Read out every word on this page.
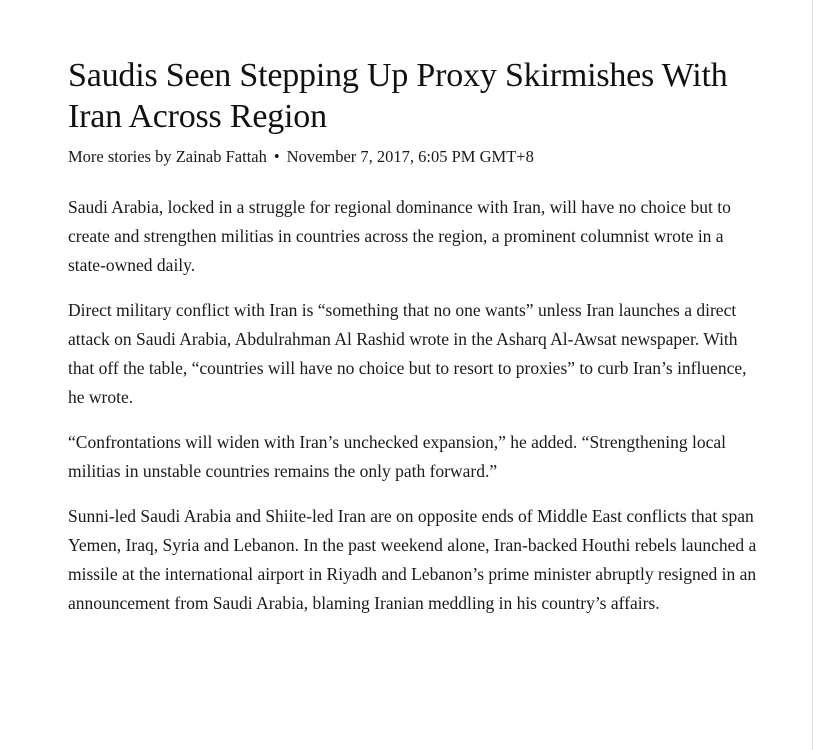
Saudis Seen Stepping Up Proxy Skirmishes With Iran Across Region
More stories by Zainab Fattah • November 7, 2017, 6:05 PM GMT+8

Saudi Arabia, locked in a struggle for regional dominance with Iran, will have no choice but to create and strengthen militias in countries across the region, a prominent columnist wrote in a state-owned daily.

Direct military conflict with Iran is “something that no one wants” unless Iran launches a direct attack on Saudi Arabia, Abdulrahman Al Rashid wrote in the Asharq Al-Awsat newspaper. With that off the table, “countries will have no choice but to resort to proxies” to curb Iran’s influence, he wrote.

“Confrontations will widen with Iran’s unchecked expansion,” he added. “Strengthening local militias in unstable countries remains the only path forward.”

Sunni-led Saudi Arabia and Shiite-led Iran are on opposite ends of Middle East conflicts that span Yemen, Iraq, Syria and Lebanon. In the past weekend alone, Iran-backed Houthi rebels launched a missile at the international airport in Riyadh and Lebanon’s prime minister abruptly resigned in an announcement from Saudi Arabia, blaming Iranian meddling in his country’s affairs.
